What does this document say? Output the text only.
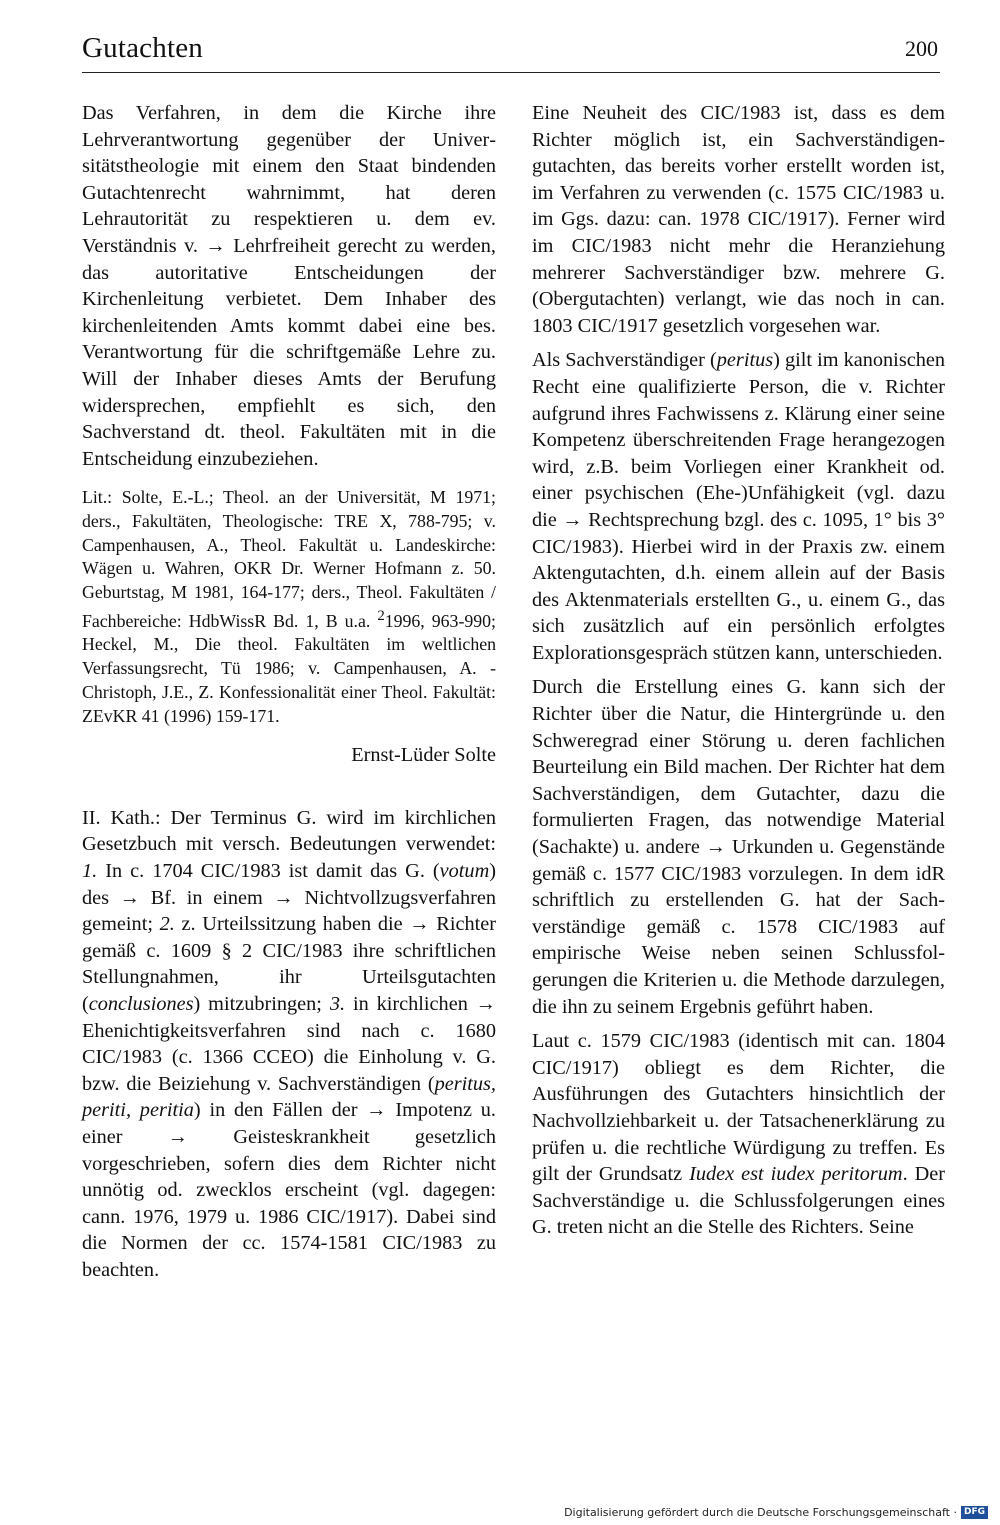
Gutachten	200

Das Verfahren, in dem die Kirche ihre Lehrverantwortung gegenüber der Universitätstheologie mit einem den Staat bindenden Gutachtenrecht wahrnimmt, hat deren Lehrautorität zu respektieren u. dem ev. Verständnis v. → Lehrfreiheit gerecht zu werden, das autoritative Entscheidungen der Kirchenleitung verbietet. Dem Inhaber des kirchenleitenden Amts kommt dabei eine bes. Verantwortung für die schriftgemäße Lehre zu. Will der Inhaber dieses Amts der Berufung widersprechen, empfiehlt es sich, den Sachverstand dt. theol. Fakultäten mit in die Entscheidung einzubeziehen.

Lit.: Solte, E.-L.; Theol. an der Universität, M 1971; ders., Fakultäten, Theologische: TRE X, 788-795; v. Campenhausen, A., Theol. Fakultät u. Landeskirche: Wägen u. Wahren, OKR Dr. Werner Hofmann z. 50. Geburtstag, M 1981, 164-177; ders., Theol. Fakultäten / Fachbereiche: HdbWissR Bd. 1, B u.a. $^2$1996, 963-990; Heckel, M., Die theol. Fakultäten im weltlichen Verfassungsrecht, Tü 1986; v. Campenhausen, A. - Christoph, J.E., Z. Konfessionalität einer Theol. Fakultät: ZEvKR 41 (1996) 159-171.

Ernst-Lüder Solte

II. Kath.: Der Terminus G. wird im kirchlichen Gesetzbuch mit versch. Bedeutungen verwendet: 1. In c. 1704 CIC/1983 ist damit das G. (votum) des → Bf. in einem → Nichtvollzugsverfahren gemeint; 2. z. Urteilssitzung haben die → Richter gemäß c. 1609 § 2 CIC/1983 ihre schriftlichen Stellungnahmen, ihr Urteilsgutachten (conclusiones) mitzubringen; 3. in kirchlichen → Ehenichtigkeitsverfahren sind nach c. 1680 CIC/1983 (c. 1366 CCEO) die Einholung v. G. bzw. die Beiziehung v. Sachverständigen (peritus, periti, peritia) in den Fällen der → Impotenz u. einer → Geisteskrankheit gesetzlich vorgeschrieben, sofern dies dem Richter nicht unnötig od. zwecklos erscheint (vgl. dagegen: cann. 1976, 1979 u. 1986 CIC/1917). Dabei sind die Normen der cc. 1574-1581 CIC/1983 zu beachten.

Eine Neuheit des CIC/1983 ist, dass es dem Richter möglich ist, ein Sachverständigengutachten, das bereits vorher erstellt worden ist, im Verfahren zu verwenden (c. 1575 CIC/1983 u. im Ggs. dazu: can. 1978 CIC/1917). Ferner wird im CIC/1983 nicht mehr die Heranziehung mehrerer Sachverständiger bzw. mehrere G. (Obergutachten) verlangt, wie das noch in can. 1803 CIC/1917 gesetzlich vorgesehen war.

Als Sachverständiger (peritus) gilt im kanonischen Recht eine qualifizierte Person, die v. Richter aufgrund ihres Fachwissens z. Klärung einer seine Kompetenz überschreitenden Frage herangezogen wird, z.B. beim Vorliegen einer Krankheit od. einer psychischen (Ehe-)Unfähigkeit (vgl. dazu die → Rechtsprechung bzgl. des c. 1095, 1° bis 3° CIC/1983). Hierbei wird in der Praxis zw. einem Aktengutachten, d.h. einem allein auf der Basis des Aktenmaterials erstellten G., u. einem G., das sich zusätzlich auf ein persönlich erfolgtes Explorationsgespräch stützen kann, unterschieden.

Durch die Erstellung eines G. kann sich der Richter über die Natur, die Hintergründe u. den Schweregrad einer Störung u. deren fachlichen Beurteilung ein Bild machen. Der Richter hat dem Sachverständigen, dem Gutachter, dazu die formulierten Fragen, das notwendige Material (Sachakte) u. andere → Urkunden u. Gegenstände gemäß c. 1577 CIC/1983 vorzulegen. In dem idR schriftlich zu erstellenden G. hat der Sachverständige gemäß c. 1578 CIC/1983 auf empirische Weise neben seinen Schlussfolgerungen die Kriterien u. die Methode darzulegen, die ihn zu seinem Ergebnis geführt haben.

Laut c. 1579 CIC/1983 (identisch mit can. 1804 CIC/1917) obliegt es dem Richter, die Ausführungen des Gutachters hinsichtlich der Nachvollziehbarkeit u. der Tatsachenerklärung zu prüfen u. die rechtliche Würdigung zu treffen. Es gilt der Grundsatz Iudex est iudex peritorum. Der Sachverständige u. die Schlussfolgerungen eines G. treten nicht an die Stelle des Richters. Seine

Digitalisierung gefördert durch die Deutsche Forschungsgemeinschaft · DFG
